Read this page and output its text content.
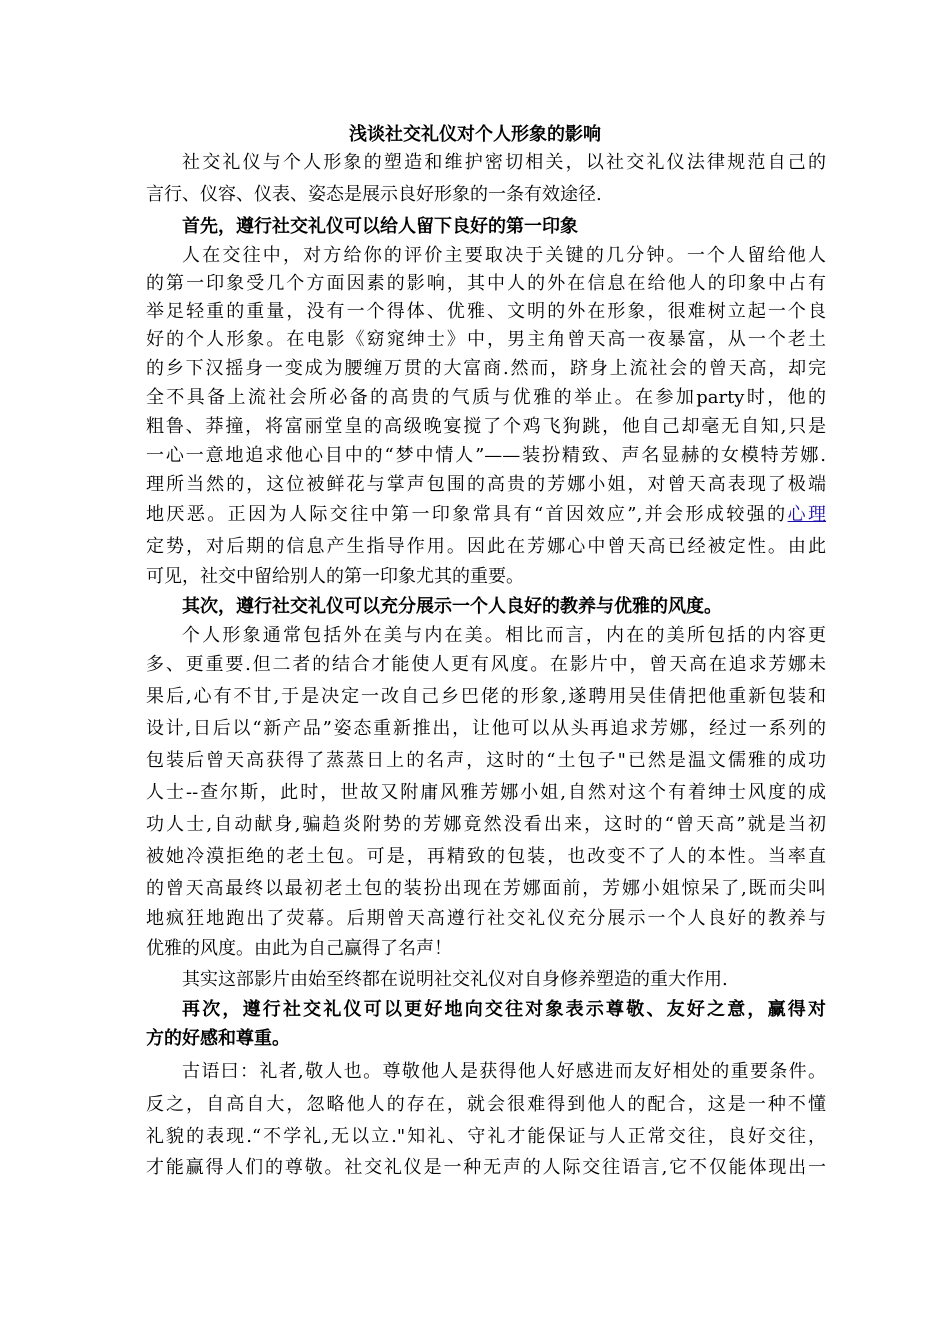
浅谈社交礼仪对个人形象的影响
社交礼仪与个人形象的塑造和维护密切相关，以社交礼仪法律规范自己的
言行、仪容、仪表、姿态是展示良好形象的一条有效途径.
首先，遵行社交礼仪可以给人留下良好的第一印象
人在交往中，对方给你的评价主要取决于关键的几分钟。一个人留给他人
的第一印象受几个方面因素的影响，其中人的外在信息在给他人的印象中占有
举足轻重的重量，没有一个得体、优雅、文明的外在形象，很难树立起一个良
好的个人形象。在电影《窈窕绅士》中，男主角曾天高一夜暴富，从一个老土
的乡下汉摇身一变成为腰缠万贯的大富商.然而，跻身上流社会的曾天高，却完
全不具备上流社会所必备的高贵的气质与优雅的举止。在参加party时，他的
粗鲁、莽撞，将富丽堂皇的高级晚宴搅了个鸡飞狗跳，他自己却毫无自知,只是
一心一意地追求他心目中的“梦中情人”——装扮精致、声名显赫的女模特芳娜.
理所当然的，这位被鲜花与掌声包围的高贵的芳娜小姐，对曾天高表现了极端
地厌恶。正因为人际交往中第一印象常具有“首因效应”,并会形成较强的心理
定势，对后期的信息产生指导作用。因此在芳娜心中曾天高已经被定性。由此
可见，社交中留给别人的第一印象尤其的重要。
其次，遵行社交礼仪可以充分展示一个人良好的教养与优雅的风度。
个人形象通常包括外在美与内在美。相比而言，内在的美所包括的内容更
多、更重要.但二者的结合才能使人更有风度。在影片中，曾天高在追求芳娜未
果后,心有不甘,于是决定一改自己乡巴佬的形象,遂聘用吴佳倩把他重新包装和
设计,日后以“新产品”姿态重新推出，让他可以从头再追求芳娜，经过一系列的
包装后曾天高获得了蒸蒸日上的名声，这时的“土包子"已然是温文儒雅的成功
人士--查尔斯，此时，世故又附庸风雅芳娜小姐,自然对这个有着绅士风度的成
功人士,自动献身,骗趋炎附势的芳娜竟然没看出来，这时的“曾天高”就是当初
被她冷漠拒绝的老土包。可是，再精致的包装，也改变不了人的本性。当率直
的曾天高最终以最初老土包的装扮出现在芳娜面前，芳娜小姐惊呆了,既而尖叫
地疯狂地跑出了荧幕。后期曾天高遵行社交礼仪充分展示一个人良好的教养与
优雅的风度。由此为自己赢得了名声！
其实这部影片由始至终都在说明社交礼仪对自身修养塑造的重大作用.
再次，遵行社交礼仪可以更好地向交往对象表示尊敬、友好之意，赢得对
方的好感和尊重。
古语曰：礼者,敬人也。尊敬他人是获得他人好感进而友好相处的重要条件。
反之，自高自大，忽略他人的存在，就会很难得到他人的配合，这是一种不懂
礼貌的表现.“不学礼,无以立."知礼、守礼才能保证与人正常交往，良好交往，
才能赢得人们的尊敬。社交礼仪是一种无声的人际交往语言,它不仅能体现出一
